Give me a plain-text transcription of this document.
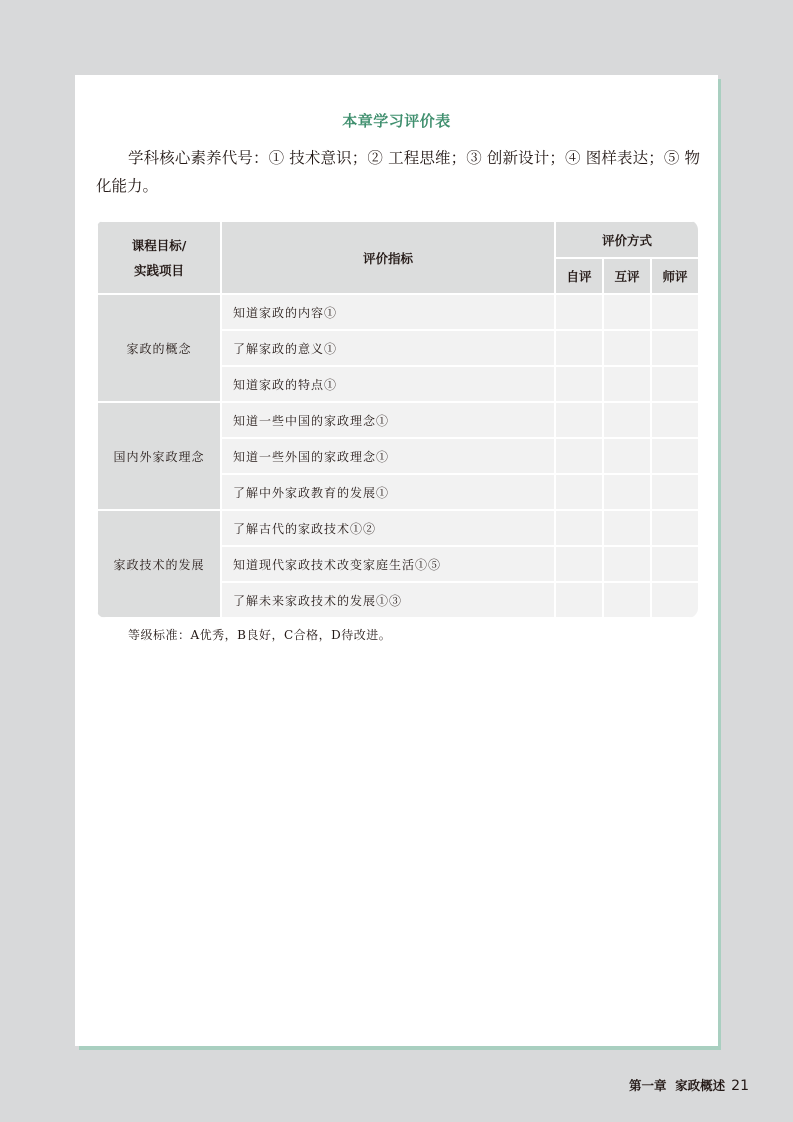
本章学习评价表
学科核心素养代号：① 技术意识；② 工程思维；③ 创新设计；④ 图样表达；⑤ 物化能力。
课程目标/
实践项目	评价指标	评价方式		
		自评	互评	师评
家政的概念	知道家政的内容①			
	了解家政的意义①			
	知道家政的特点①			
国内外家政理念	知道一些中国的家政理念①			
	知道一些外国的家政理念①			
	了解中外家政教育的发展①			
家政技术的发展	了解古代的家政技术①②			
	知道现代家政技术改变家庭生活①⑤			
	了解未来家政技术的发展①③			
等级标准：A优秀，B良好，C合格，D待改进。
第一章  家政概述 21
